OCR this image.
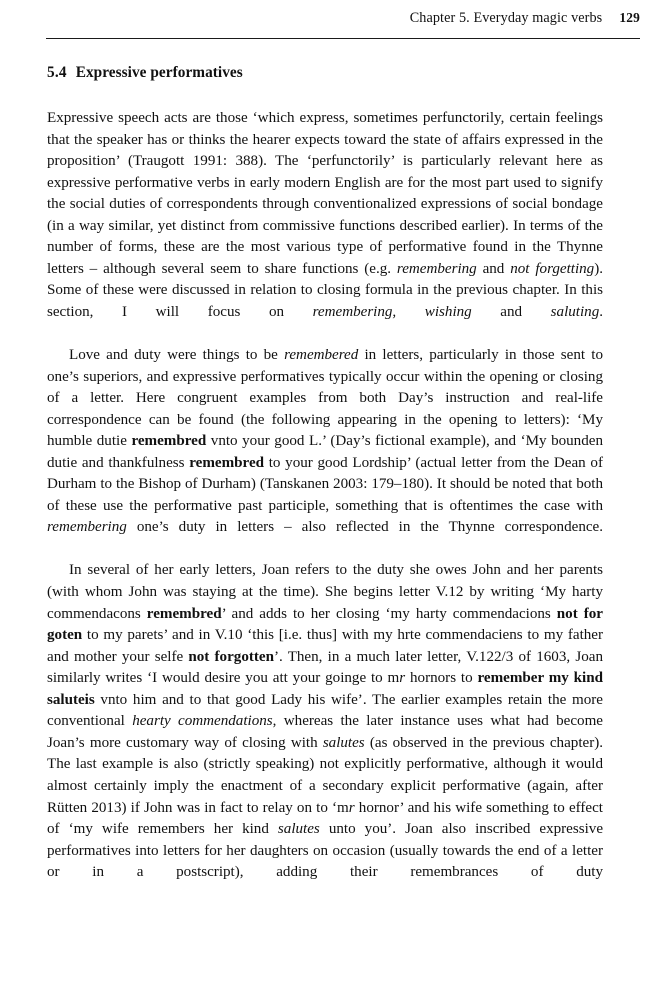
Chapter 5. Everyday magic verbs 129
5.4 Expressive performatives

Expressive speech acts are those ‘which express, sometimes perfunctorily, certain feelings that the speaker has or thinks the hearer expects toward the state of affairs expressed in the proposition’ (Traugott 1991: 388). The ‘perfunctorily’ is particularly relevant here as expressive performative verbs in early modern English are for the most part used to signify the social duties of correspondents through conventionalized expressions of social bondage (in a way similar, yet distinct from commissive functions described earlier). In terms of the number of forms, these are the most various type of performative found in the Thynne letters – although several seem to share functions (e.g. remembering and not forgetting). Some of these were discussed in relation to closing formula in the previous chapter. In this section, I will focus on remembering, wishing and saluting.

Love and duty were things to be remembered in letters, particularly in those sent to one’s superiors, and expressive performatives typically occur within the opening or closing of a letter. Here congruent examples from both Day’s instruction and real-life correspondence can be found (the following appearing in the opening to letters): ‘My humble dutie remembred vnto your good L.’ (Day’s fictional example), and ‘My bounden dutie and thankfulness remembred to your good Lordship’ (actual letter from the Dean of Durham to the Bishop of Durham) (Tanskanen 2003: 179–180). It should be noted that both of these use the performative past participle, something that is oftentimes the case with remembering one’s duty in letters – also reflected in the Thynne correspondence.

In several of her early letters, Joan refers to the duty she owes John and her parents (with whom John was staying at the time). She begins letter V.12 by writing ‘My harty commendacons remembred’ and adds to her closing ‘my harty commendacions not for goten to my parets’ and in V.10 ‘this [i.e. thus] with my hrte commendaciens to my father and mother your selfe not forgotten’. Then, in a much later letter, V.122/3 of 1603, Joan similarly writes ‘I would desire you att your goinge to mr hornors to remember my kind saluteis vnto him and to that good Lady his wife’. The earlier examples retain the more conventional hearty commendations, whereas the later instance uses what had become Joan’s more customary way of closing with salutes (as observed in the previous chapter). The last example is also (strictly speaking) not explicitly performative, although it would almost certainly imply the enactment of a secondary explicit performative (again, after Rütten 2013) if John was in fact to relay on to ‘mr hornor’ and his wife something to effect of ‘my wife remembers her kind salutes unto you’. Joan also inscribed expressive performatives into letters for her daughters on occasion (usually towards the end of a letter or in a postscript), adding their remembrances of duty
